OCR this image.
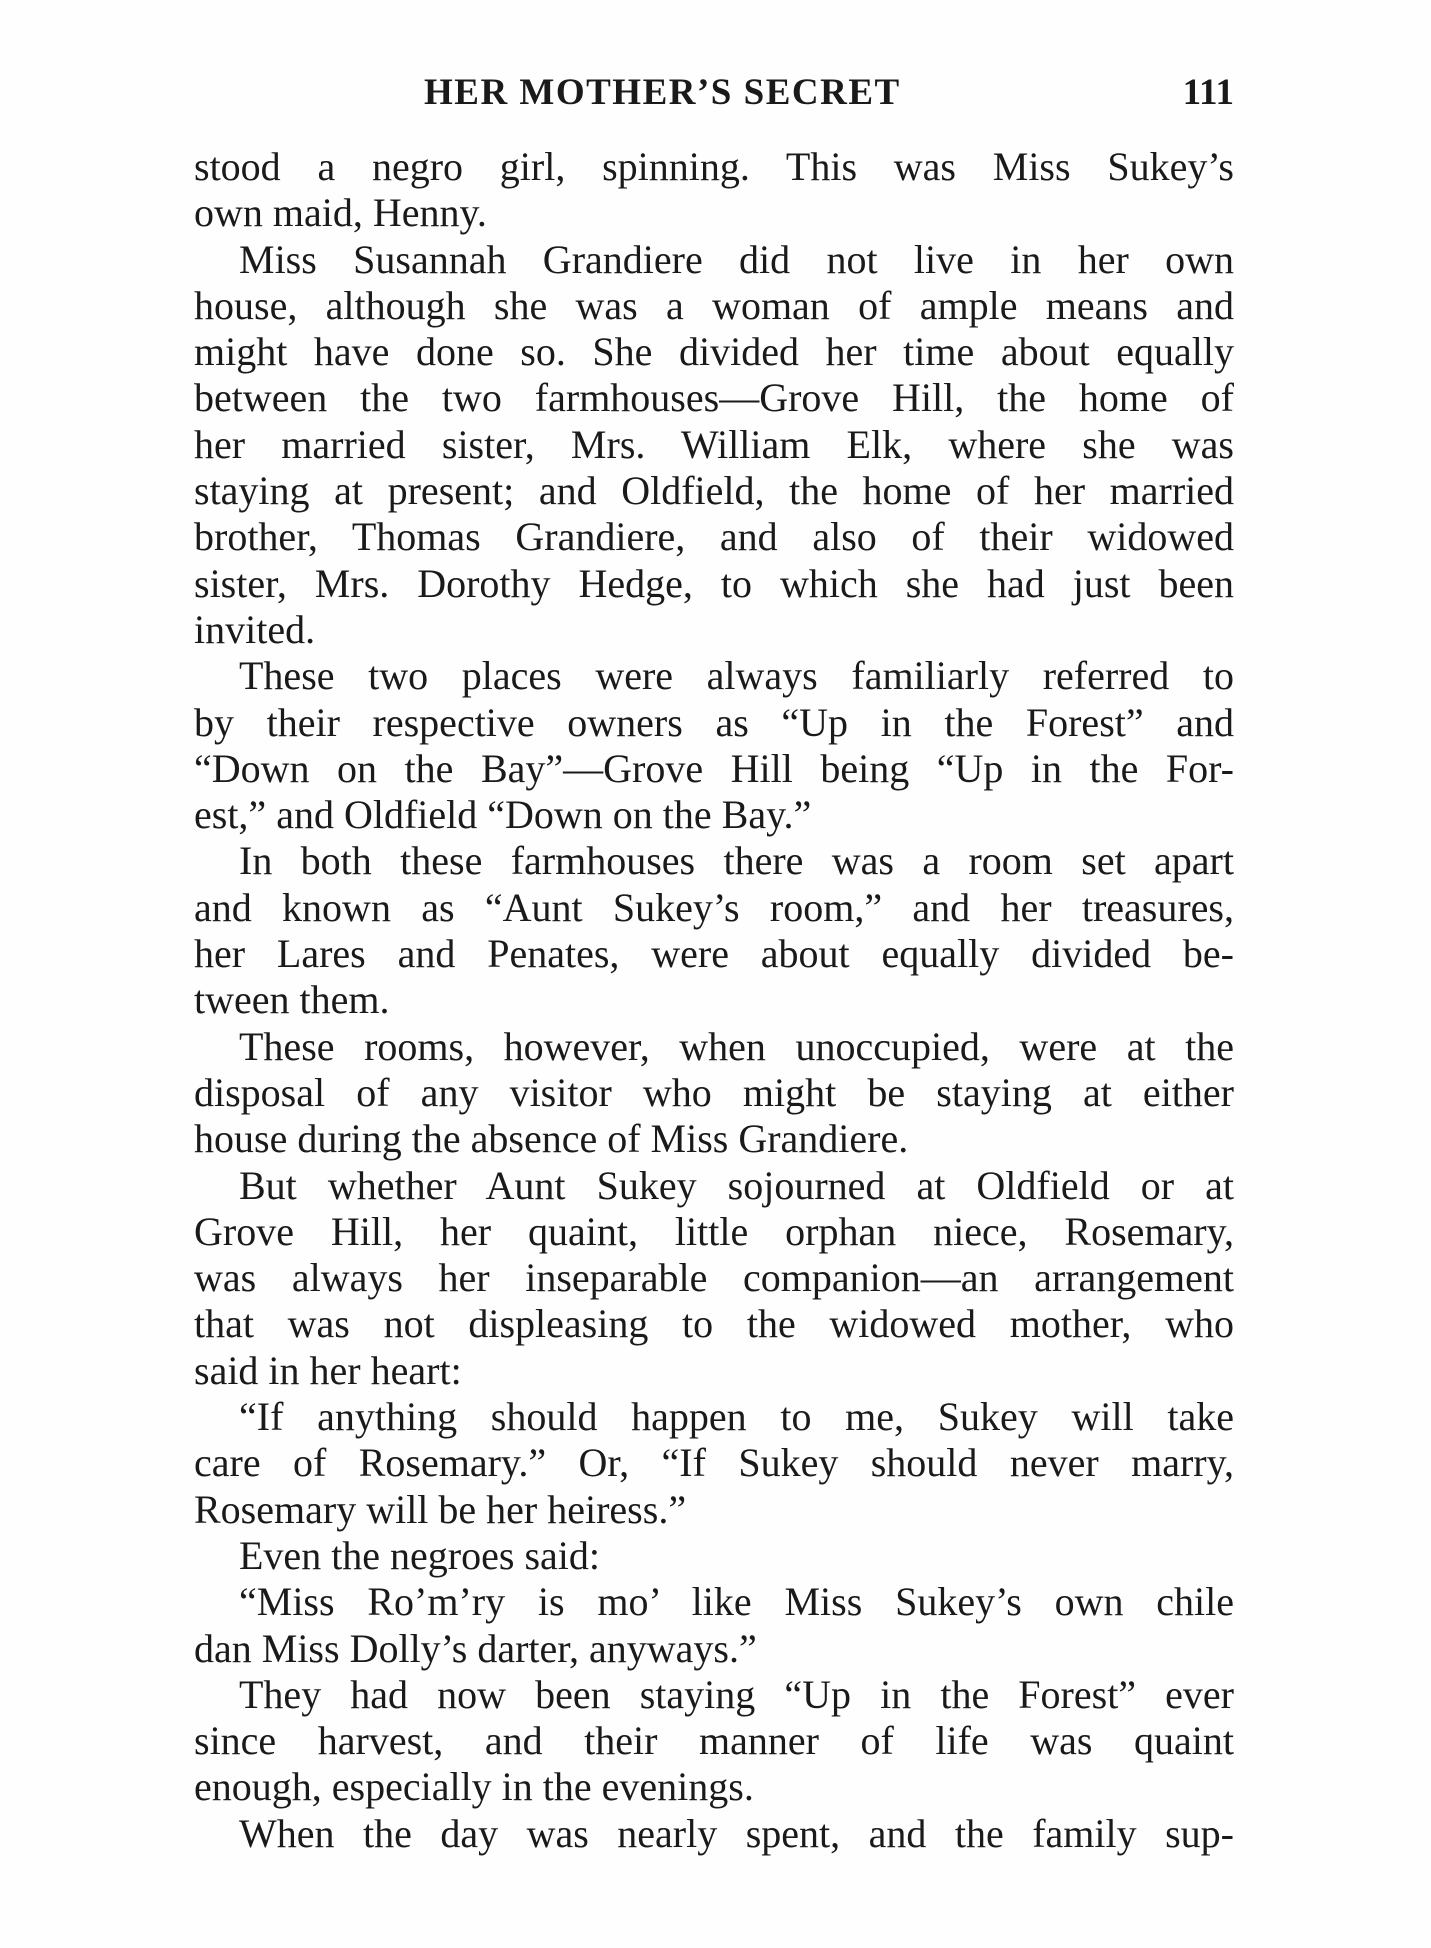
HER MOTHER’S SECRET	111
stood a negro girl, spinning. This was Miss Sukey’s
own maid, Henny.
Miss Susannah Grandiere did not live in her own
house, although she was a woman of ample means and
might have done so. She divided her time about equally
between the two farmhouses—Grove Hill, the home of
her married sister, Mrs. William Elk, where she was
staying at present; and Oldfield, the home of her married
brother, Thomas Grandiere, and also of their widowed
sister, Mrs. Dorothy Hedge, to which she had just been
invited.
These two places were always familiarly referred to
by their respective owners as “Up in the Forest” and
“Down on the Bay”—Grove Hill being “Up in the For-
est,” and Oldfield “Down on the Bay.”
In both these farmhouses there was a room set apart
and known as “Aunt Sukey’s room,” and her treasures,
her Lares and Penates, were about equally divided be-
tween them.
These rooms, however, when unoccupied, were at the
disposal of any visitor who might be staying at either
house during the absence of Miss Grandiere.
But whether Aunt Sukey sojourned at Oldfield or at
Grove Hill, her quaint, little orphan niece, Rosemary,
was always her inseparable companion—an arrangement
that was not displeasing to the widowed mother, who
said in her heart:
“If anything should happen to me, Sukey will take
care of Rosemary.” Or, “If Sukey should never marry,
Rosemary will be her heiress.”
Even the negroes said:
“Miss Ro’m’ry is mo’ like Miss Sukey’s own chile
dan Miss Dolly’s darter, anyways.”
They had now been staying “Up in the Forest” ever
since harvest, and their manner of life was quaint
enough, especially in the evenings.
When the day was nearly spent, and the family sup-
